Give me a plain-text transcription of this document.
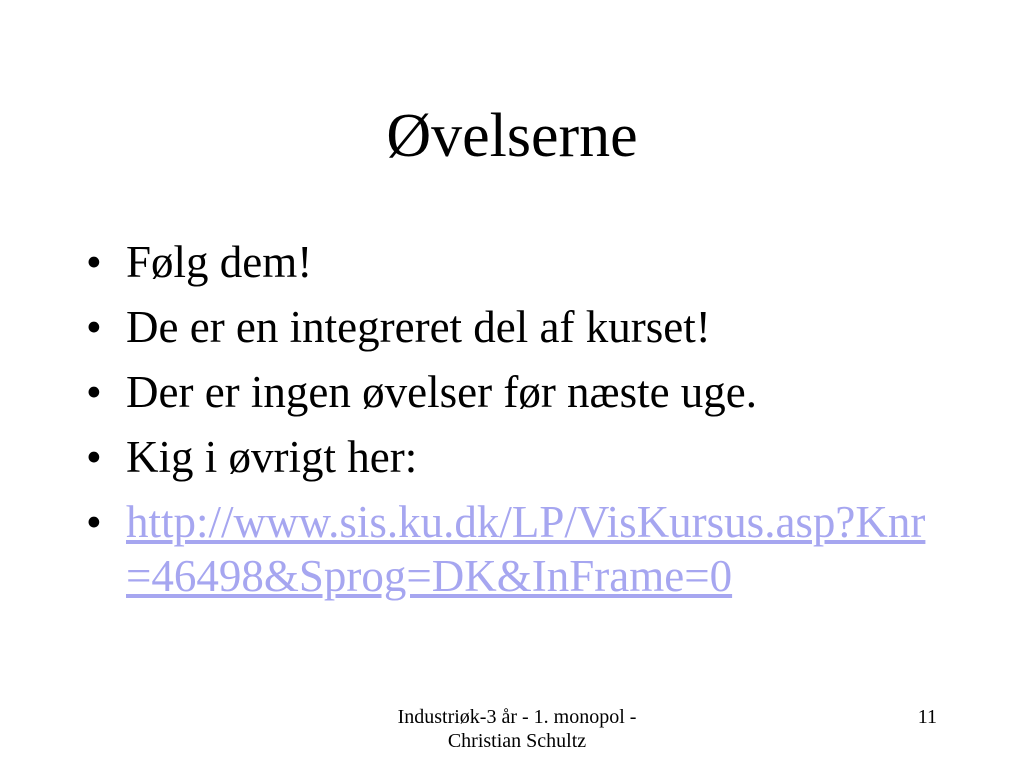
Øvelserne
• Følg dem!
• De er en integreret del af kurset!
• Der er ingen øvelser før næste uge.
• Kig i øvrigt her:
• http://www.sis.ku.dk/LP/VisKursus.asp?Knr
=46498&Sprog=DK&InFrame=0
Industriøk-3 år - 1. monopol -
Christian Schultz
11
